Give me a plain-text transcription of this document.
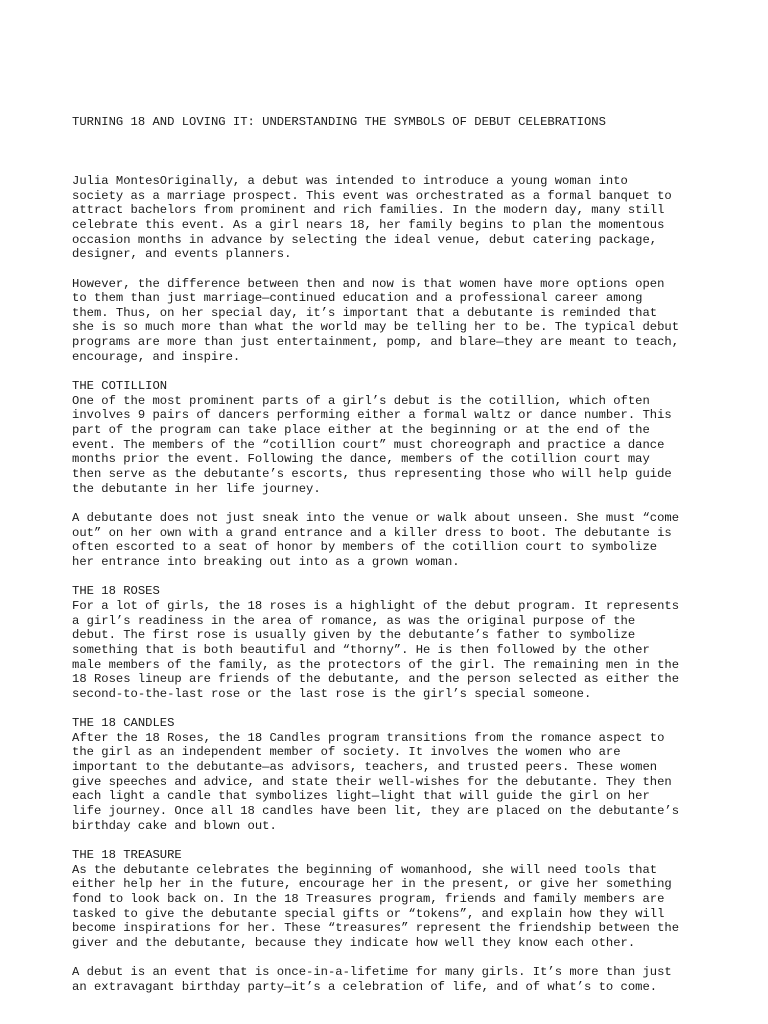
TURNING 18 AND LOVING IT: UNDERSTANDING THE SYMBOLS OF DEBUT CELEBRATIONS

Julia MontesOriginally, a debut was intended to introduce a young woman into
society as a marriage prospect. This event was orchestrated as a formal banquet to
attract bachelors from prominent and rich families. In the modern day, many still
celebrate this event. As a girl nears 18, her family begins to plan the momentous
occasion months in advance by selecting the ideal venue, debut catering package,
designer, and events planners.
However, the difference between then and now is that women have more options open
to them than just marriage—continued education and a professional career among
them. Thus, on her special day, it’s important that a debutante is reminded that
she is so much more than what the world may be telling her to be. The typical debut
programs are more than just entertainment, pomp, and blare—they are meant to teach,
encourage, and inspire.
THE COTILLION
One of the most prominent parts of a girl’s debut is the cotillion, which often
involves 9 pairs of dancers performing either a formal waltz or dance number. This
part of the program can take place either at the beginning or at the end of the
event. The members of the “cotillion court” must choreograph and practice a dance
months prior the event. Following the dance, members of the cotillion court may
then serve as the debutante’s escorts, thus representing those who will help guide
the debutante in her life journey.
A debutante does not just sneak into the venue or walk about unseen. She must “come
out” on her own with a grand entrance and a killer dress to boot. The debutante is
often escorted to a seat of honor by members of the cotillion court to symbolize
her entrance into breaking out into as a grown woman.
THE 18 ROSES
For a lot of girls, the 18 roses is a highlight of the debut program. It represents
a girl’s readiness in the area of romance, as was the original purpose of the
debut. The first rose is usually given by the debutante’s father to symbolize
something that is both beautiful and “thorny”. He is then followed by the other
male members of the family, as the protectors of the girl. The remaining men in the
18 Roses lineup are friends of the debutante, and the person selected as either the
second-to-the-last rose or the last rose is the girl’s special someone.
THE 18 CANDLES
After the 18 Roses, the 18 Candles program transitions from the romance aspect to
the girl as an independent member of society. It involves the women who are
important to the debutante—as advisors, teachers, and trusted peers. These women
give speeches and advice, and state their well-wishes for the debutante. They then
each light a candle that symbolizes light—light that will guide the girl on her
life journey. Once all 18 candles have been lit, they are placed on the debutante’s
birthday cake and blown out.
THE 18 TREASURE
As the debutante celebrates the beginning of womanhood, she will need tools that
either help her in the future, encourage her in the present, or give her something
fond to look back on. In the 18 Treasures program, friends and family members are
tasked to give the debutante special gifts or “tokens”, and explain how they will
become inspirations for her. These “treasures” represent the friendship between the
giver and the debutante, because they indicate how well they know each other.
A debut is an event that is once-in-a-lifetime for many girls. It’s more than just
an extravagant birthday party—it’s a celebration of life, and of what’s to come.
